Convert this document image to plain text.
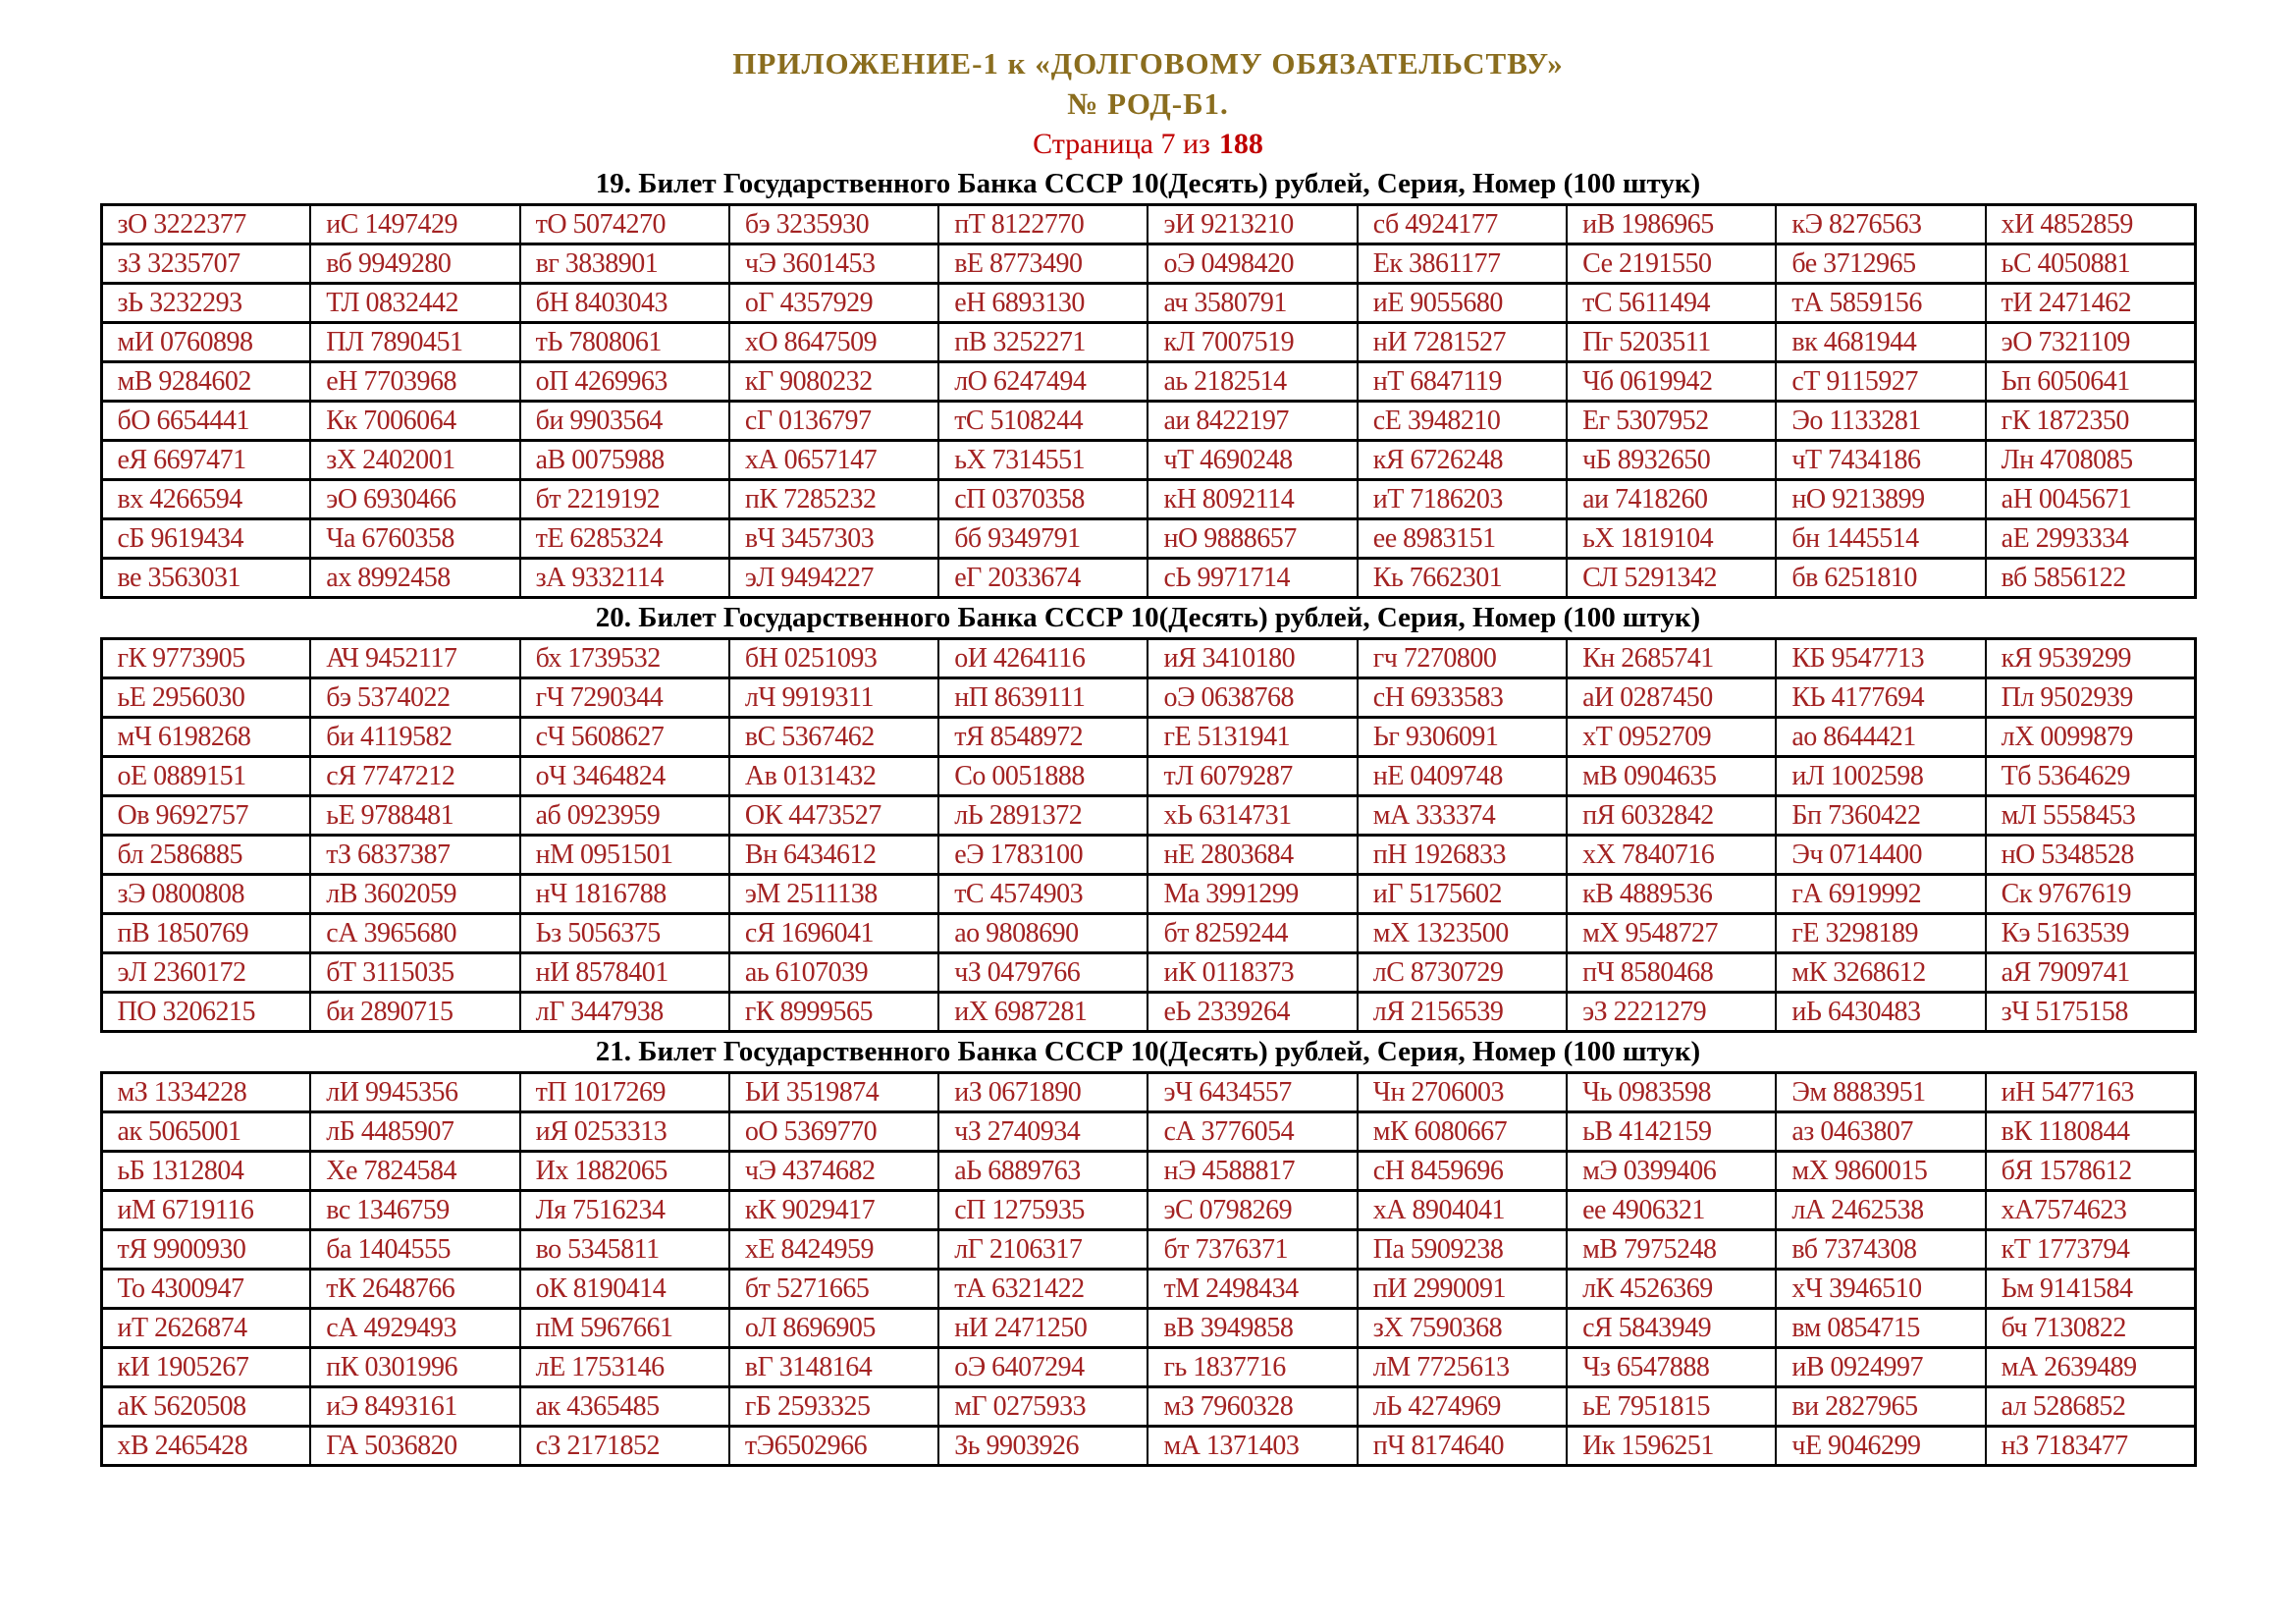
ПРИЛОЖЕНИЕ-1 к «ДОЛГОВОМУ ОБЯЗАТЕЛЬСТВУ»
№ РОД-Б1.
Страница 7 из 188
19. Билет Государственного Банка СССР 10(Десять) рублей, Серия, Номер (100 штук)
зО 3222377	иС 1497429	тО 5074270	бэ 3235930	пТ 8122770	эИ 9213210	сб 4924177	иВ 1986965	кЭ 8276563	хИ 4852859
зЗ 3235707	вб 9949280	вг 3838901	чЭ 3601453	вЕ 8773490	оЭ 0498420	Ек 3861177	Се 2191550	бе 3712965	ьС 4050881
зЬ 3232293	ТЛ 0832442	бН 8403043	оГ 4357929	еН 6893130	ач 3580791	иЕ 9055680	тС 5611494	тА 5859156	тИ 2471462
мИ 0760898	ПЛ 7890451	тЬ 7808061	хО 8647509	пВ 3252271	кЛ 7007519	нИ 7281527	Пг 5203511	вк 4681944	эО 7321109
мВ 9284602	еН 7703968	оП 4269963	кГ 9080232	лО 6247494	аь 2182514	нТ 6847119	Чб 0619942	сТ 9115927	Ьп 6050641
бО 6654441	Кк 7006064	би 9903564	сГ 0136797	тС 5108244	аи 8422197	сЕ 3948210	Ег 5307952	Эо 1133281	гК 1872350
еЯ 6697471	зХ 2402001	аВ 0075988	хА 0657147	ьХ 7314551	чТ 4690248	кЯ 6726248	чБ 8932650	чТ 7434186	Лн 4708085
вх 4266594	эО 6930466	бт 2219192	пК 7285232	сП 0370358	кН 8092114	иТ 7186203	аи 7418260	нО 9213899	аН 0045671
сБ 9619434	Ча 6760358	тЕ 6285324	вЧ 3457303	бб 9349791	нО 9888657	ее 8983151	ьХ 1819104	бн 1445514	аЕ 2993334
ве 3563031	ах 8992458	зА 9332114	эЛ 9494227	еГ 2033674	сЬ 9971714	Кь 7662301	СЛ 5291342	бв 6251810	вб 5856122
20. Билет Государственного Банка СССР 10(Десять) рублей, Серия, Номер (100 штук)
гК 9773905	АЧ 9452117	бх 1739532	бН 0251093	оИ 4264116	иЯ 3410180	гч 7270800	Кн 2685741	КБ 9547713	кЯ 9539299
ьЕ 2956030	бэ 5374022	гЧ 7290344	лЧ 9919311	нП 8639111	оЭ 0638768	сН 6933583	аИ 0287450	КЬ 4177694	Пл 9502939
мЧ 6198268	би 4119582	сЧ 5608627	вС 5367462	тЯ 8548972	гЕ 5131941	Ьг 9306091	хТ 0952709	ао 8644421	лХ 0099879
оЕ 0889151	сЯ 7747212	оЧ 3464824	Ав 0131432	Со 0051888	тЛ 6079287	нЕ 0409748	мВ 0904635	иЛ 1002598	Тб 5364629
Ов 9692757	ьЕ 9788481	аб 0923959	ОК 4473527	лЬ 2891372	хЬ 6314731	мА 333374	пЯ 6032842	Бп 7360422	мЛ 5558453
бл 2586885	тЗ 6837387	нМ 0951501	Вн 6434612	еЭ 1783100	нЕ 2803684	пН 1926833	хХ 7840716	Эч 0714400	нО 5348528
зЭ 0800808	лВ 3602059	нЧ 1816788	эМ 2511138	тС 4574903	Ма 3991299	иГ 5175602	кВ 4889536	гА 6919992	Ск 9767619
пВ 1850769	сА 3965680	Ьз 5056375	сЯ 1696041	ао 9808690	бт 8259244	мХ 1323500	мХ 9548727	гЕ 3298189	Кэ 5163539
эЛ 2360172	бТ 3115035	нИ 8578401	аь 6107039	чЗ 0479766	иК 0118373	лС 8730729	пЧ 8580468	мК 3268612	аЯ 7909741
ПО 3206215	би 2890715	лГ 3447938	гК 8999565	иХ 6987281	еЬ 2339264	лЯ 2156539	эЗ 2221279	иЬ 6430483	зЧ 5175158
21. Билет Государственного Банка СССР 10(Десять) рублей, Серия, Номер (100 штук)
мЗ 1334228	лИ 9945356	тП 1017269	ЬИ 3519874	иЗ 0671890	эЧ 6434557	Чн 2706003	Чь 0983598	Эм 8883951	иН 5477163
ак 5065001	лБ 4485907	иЯ 0253313	оО 5369770	чЗ 2740934	сА 3776054	мК 6080667	ьВ 4142159	аз 0463807	вК 1180844
ьБ 1312804	Хе 7824584	Их 1882065	чЭ 4374682	аЬ 6889763	нЭ 4588817	сН 8459696	мЭ 0399406	мХ 9860015	бЯ 1578612
иМ 6719116	вс 1346759	Ля 7516234	кК 9029417	сП 1275935	эС 0798269	хА 8904041	ее 4906321	лА 2462538	хА7574623
тЯ 9900930	ба 1404555	во 5345811	хЕ 8424959	лГ 2106317	бт 7376371	Па 5909238	мВ 7975248	вб 7374308	кТ 1773794
То 4300947	тК 2648766	оК 8190414	бт 5271665	тА 6321422	тМ 2498434	пИ 2990091	лК 4526369	хЧ 3946510	Ьм 9141584
иТ 2626874	сА 4929493	пМ 5967661	оЛ 8696905	нИ 2471250	вВ 3949858	зХ 7590368	сЯ 5843949	вм 0854715	бч 7130822
кИ 1905267	пК 0301996	лЕ 1753146	вГ 3148164	оЭ 6407294	гь 1837716	лМ 7725613	Чз 6547888	иВ 0924997	мА 2639489
аК 5620508	иЭ 8493161	ак 4365485	гБ 2593325	мГ 0275933	мЗ 7960328	лЬ 4274969	ьЕ 7951815	ви 2827965	ал 5286852
хВ 2465428	ГА 5036820	сЗ 2171852	тЭ6502966	Зь 9903926	мА 1371403	пЧ 8174640	Ик 1596251	чЕ 9046299	нЗ 7183477
